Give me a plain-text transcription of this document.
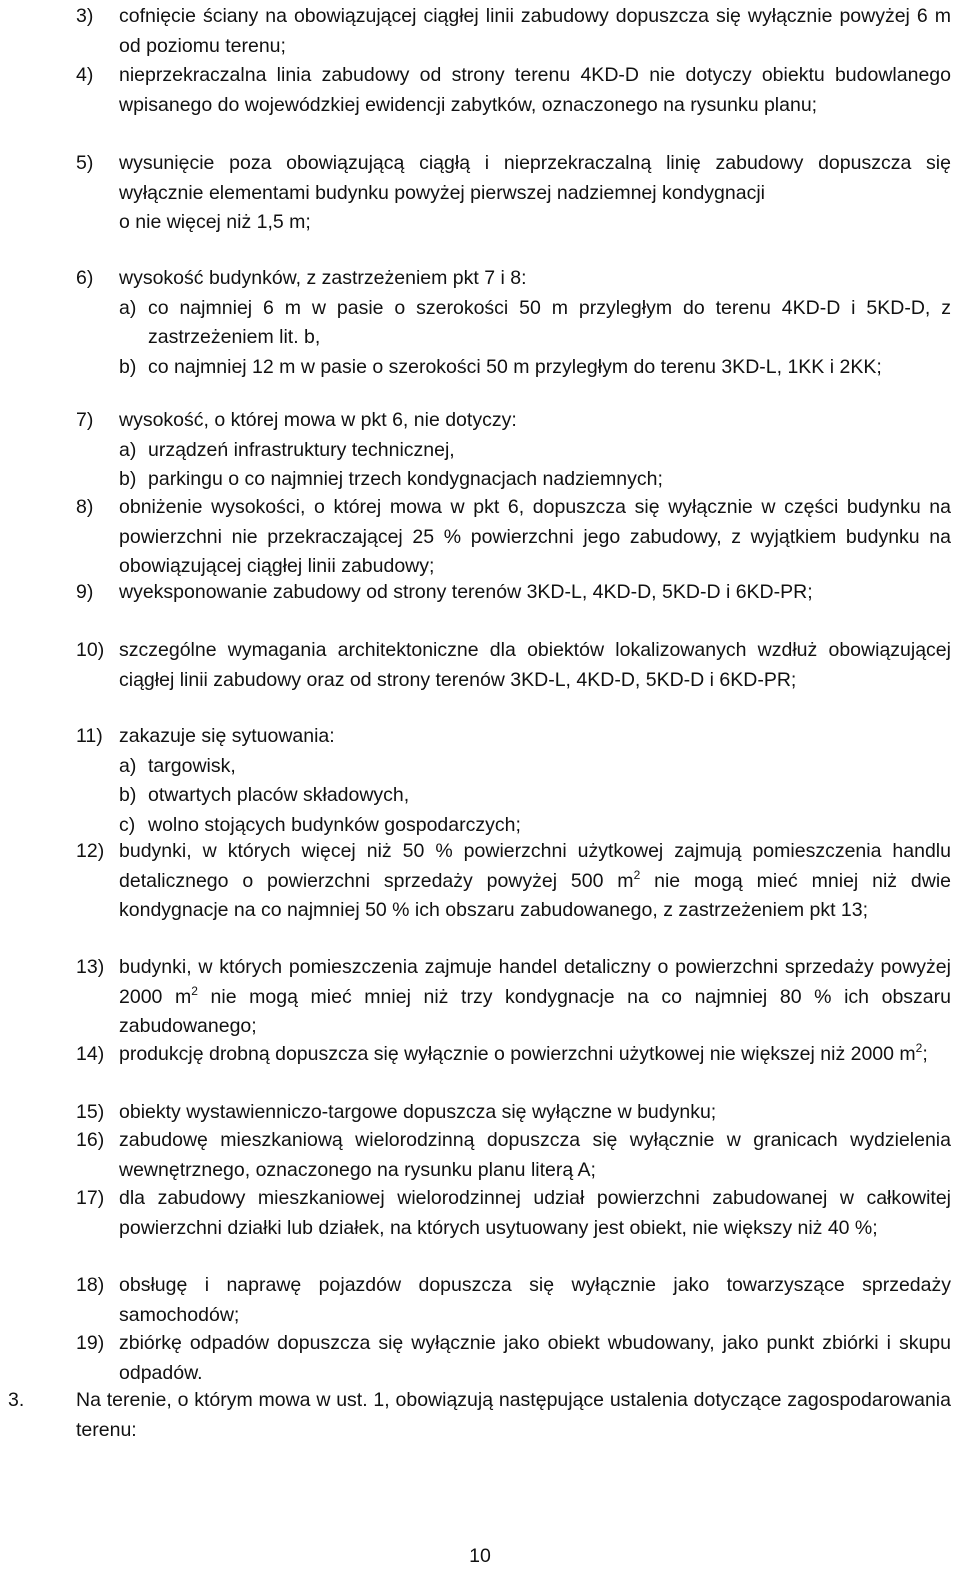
3) cofnięcie ściany na obowiązującej ciągłej linii zabudowy dopuszcza się wyłącznie powyżej 6 m od poziomu terenu;
4) nieprzekraczalna linia zabudowy od strony terenu 4KD-D nie dotyczy obiektu budowlanego wpisanego do wojewódzkiej ewidencji zabytków, oznaczonego na rysunku planu;
5) wysunięcie poza obowiązującą ciągłą i nieprzekraczalną linię zabudowy dopuszcza się wyłącznie elementami budynku powyżej pierwszej nadziemnej kondygnacji
o nie więcej niż 1,5 m;
6) wysokość budynków, z zastrzeżeniem pkt 7 i 8:
a) co najmniej 6 m w pasie o szerokości 50 m przyległym do terenu 4KD-D i 5KD-D, z zastrzeżeniem lit. b,
b) co najmniej 12 m w pasie o szerokości 50 m przyległym do terenu 3KD-L, 1KK i 2KK;
7) wysokość, o której mowa w pkt 6, nie dotyczy:
a) urządzeń infrastruktury technicznej,
b) parkingu o co najmniej trzech kondygnacjach nadziemnych;
8) obniżenie wysokości, o której mowa w pkt 6, dopuszcza się wyłącznie w części budynku na powierzchni nie przekraczającej 25 % powierzchni jego zabudowy, z wyjątkiem budynku na obowiązującej ciągłej linii zabudowy;
9) wyeksponowanie zabudowy od strony terenów 3KD-L, 4KD-D, 5KD-D i 6KD-PR;
10) szczególne wymagania architektoniczne dla obiektów lokalizowanych wzdłuż obowiązującej ciągłej linii zabudowy oraz od strony terenów 3KD-L, 4KD-D, 5KD-D i 6KD-PR;
11) zakazuje się sytuowania:
a) targowisk,
b) otwartych placów składowych,
c) wolno stojących budynków gospodarczych;
12) budynki, w których więcej niż 50 % powierzchni użytkowej zajmują pomieszczenia handlu detalicznego o powierzchni sprzedaży powyżej 500 $m^2$ nie mogą mieć mniej niż dwie kondygnacje na co najmniej 50 % ich obszaru zabudowanego, z zastrzeżeniem pkt 13;
13) budynki, w których pomieszczenia zajmuje handel detaliczny o powierzchni sprzedaży powyżej 2000 $m^2$ nie mogą mieć mniej niż trzy kondygnacje na co najmniej 80 % ich obszaru zabudowanego;
14) produkcję drobną dopuszcza się wyłącznie o powierzchni użytkowej nie większej niż 2000 $m^2$;
15) obiekty wystawienniczo-targowe dopuszcza się wyłączne w budynku;
16) zabudowę mieszkaniową wielorodzinną dopuszcza się wyłącznie w granicach wydzielenia wewnętrznego, oznaczonego na rysunku planu literą A;
17) dla zabudowy mieszkaniowej wielorodzinnej udział powierzchni zabudowanej w całkowitej powierzchni działki lub działek, na których usytuowany jest obiekt, nie większy niż 40 %;
18) obsługę i naprawę pojazdów dopuszcza się wyłącznie jako towarzyszące sprzedaży samochodów;
19) zbiórkę odpadów dopuszcza się wyłącznie jako obiekt wbudowany, jako punkt zbiórki i skupu odpadów.
3.	Na terenie, o którym mowa w ust. 1, obowiązują następujące ustalenia dotyczące zagospodarowania terenu:
10
